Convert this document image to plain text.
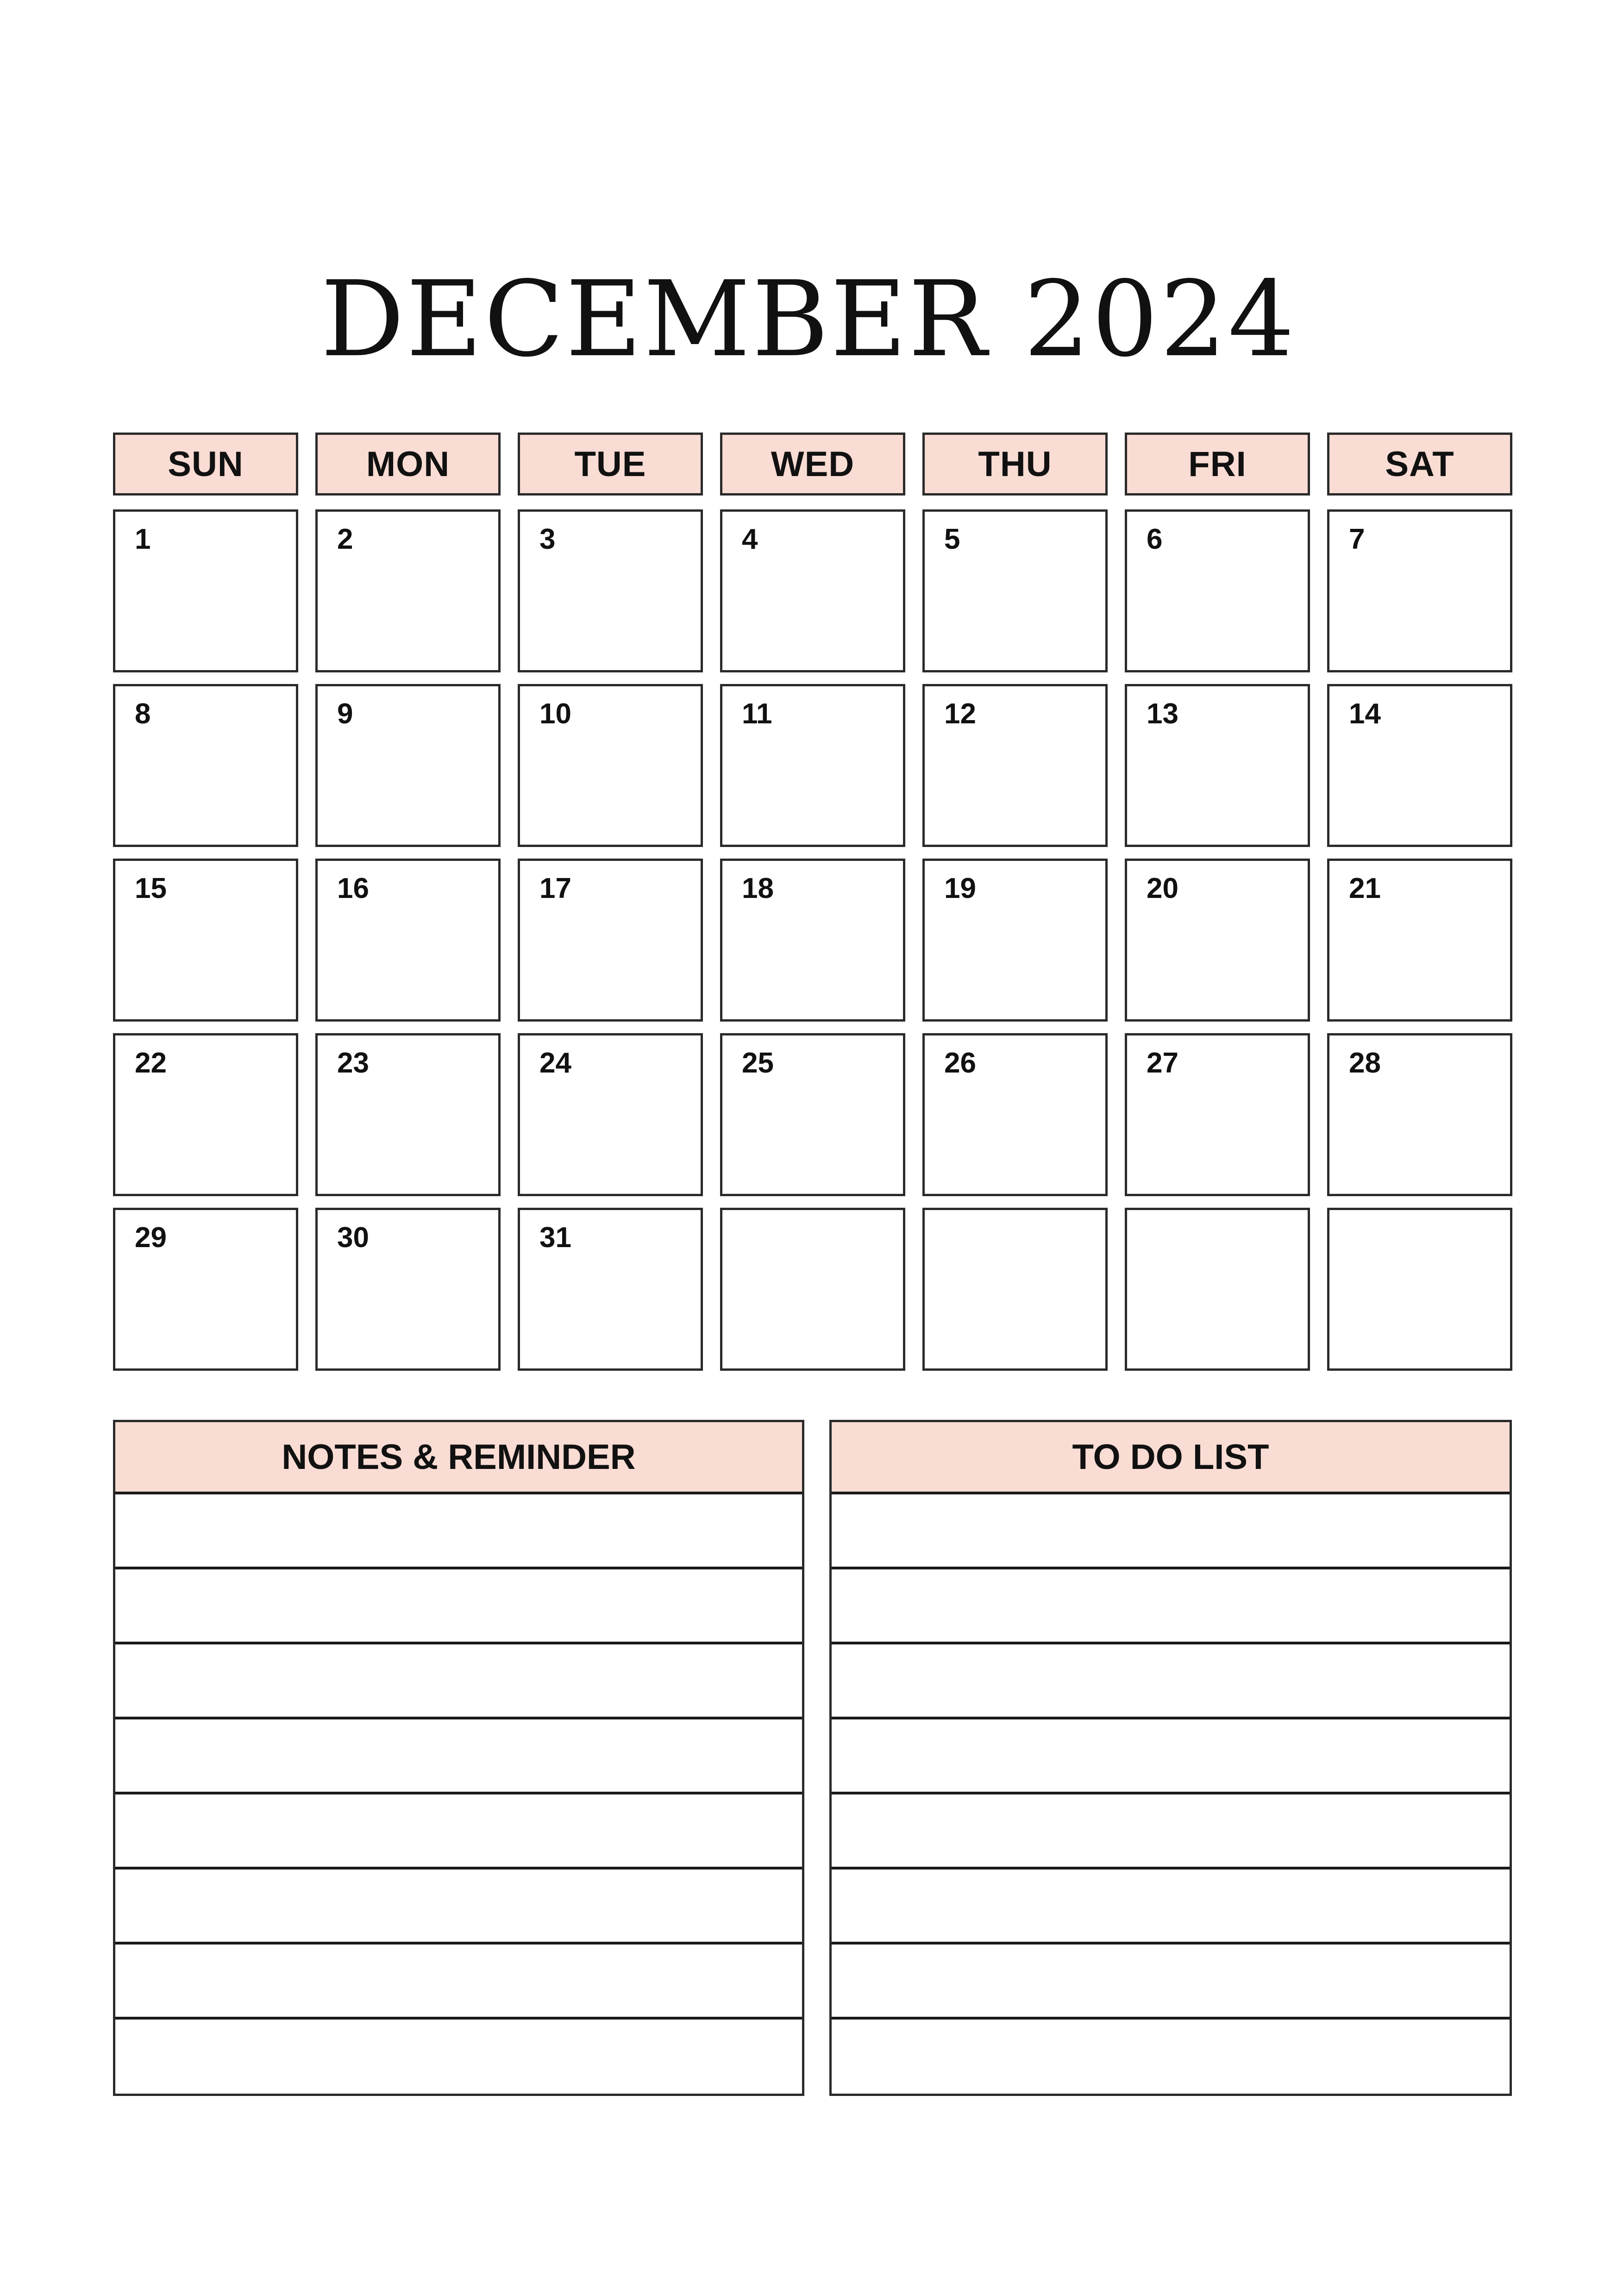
DECEMBER 2024
SUN	MON	TUE	WED	THU	FRI	SAT
1	2	3	4	5	6	7
8	9	10	11	12	13	14
15	16	17	18	19	20	21
22	23	24	25	26	27	28
29	30	31
NOTES & REMINDER	TO DO LIST
